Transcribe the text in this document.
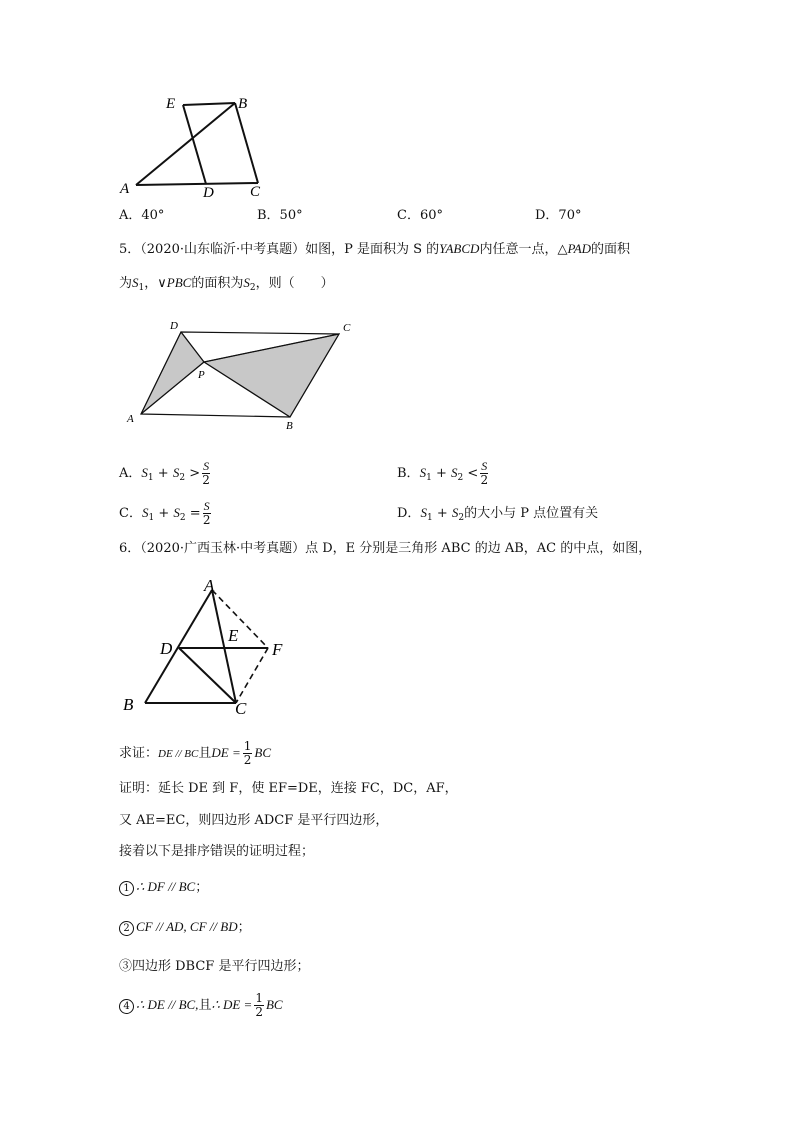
E	B
A	D C
A．40°	B．50°	C．60°	D．70°
5．（2020·山东临沂·中考真题）如图，P 是面积为 S 的YABCD内任意一点，△PAD的面积
为$S_1$，∨PBC的面积为$S_2$，则（　　）
D	C
P
A
B
A．$S_1 + S_2 > \frac{S}{2}$	B．$S_1 + S_2 < \frac{S}{2}$
C．$S_1 + S_2 = \frac{S}{2}$	D．$S_1 + S_2$的大小与 P 点位置有关
6．（2020·广西玉林·中考真题）点 D，E 分别是三角形 ABC 的边 AB，AC 的中点，如图，
A
D
E
F
B	C
求证：DE // BC且DE = $\frac{1}{2}$ BC
证明：延长 DE 到 F，使 EF=DE，连接 FC，DC，AF，
又 AE=EC，则四边形 ADCF 是平行四边形，
接着以下是排序错误的证明过程；
1 ∴ DF // BC；
2 CF // AD, CF // BD；
③四边形 DBCF 是平行四边形；
4 ∴ DE // BC,且∴ DE = $\frac{1}{2}$ BC
